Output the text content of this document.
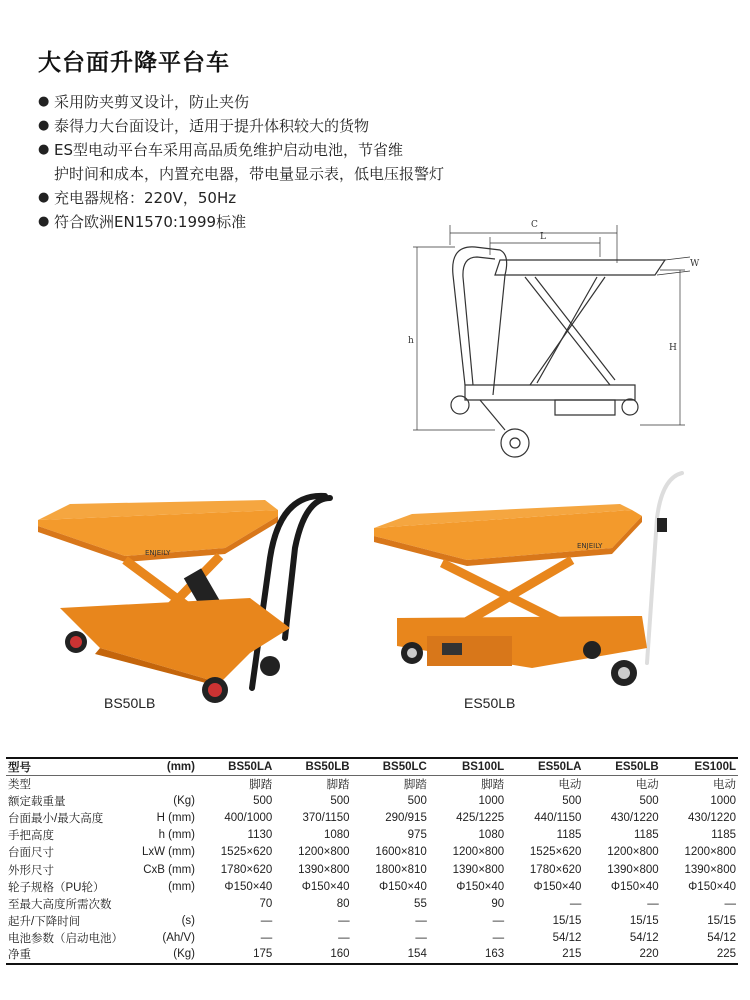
大台面升降平台车
● 采用防夹剪叉设计，防止夹伤
● 泰得力大台面设计，适用于提升体积较大的货物
● ES型电动平台车采用高品质免维护启动电池，节省维
护时间和成本，内置充电器，带电量显示表，低电压报警灯
● 充电器规格：220V，50Hz
● 符合欧洲EN1570:1999标准	C
L
W
h
H
ENJEILY
ENJEILY
BS50LB	ES50LB
型号	(mm)	BS50LA	BS50LB	BS50LC	BS100L	ES50LA	ES50LB	ES100L
类型		脚踏	脚踏	脚踏	脚踏	电动	电动	电动
额定载重量	(Kg)	500	500	500	1000	500	500	1000
台面最小/最大高度	H (mm)	400/1000	370/1150	290/915	425/1225	440/1150	430/1220	430/1220
手把高度	h (mm)	1130	1080	975	1080	1185	1185	1185
台面尺寸	LxW (mm)	1525×620	1200×800	1600×810	1200×800	1525×620	1200×800	1200×800
外形尺寸	CxB (mm)	1780×620	1390×800	1800×810	1390×800	1780×620	1390×800	1390×800
轮子规格（PU轮）	(mm)	Φ150×40	Φ150×40	Φ150×40	Φ150×40	Φ150×40	Φ150×40	Φ150×40
至最大高度所需次数		70	80	55	90	—	—	—
起升/下降时间	(s)	—	—	—	—	15/15	15/15	15/15
电池参数（启动电池）	(Ah/V)	—	—	—	—	54/12	54/12	54/12
净重	(Kg)	175	160	154	163	215	220	225
